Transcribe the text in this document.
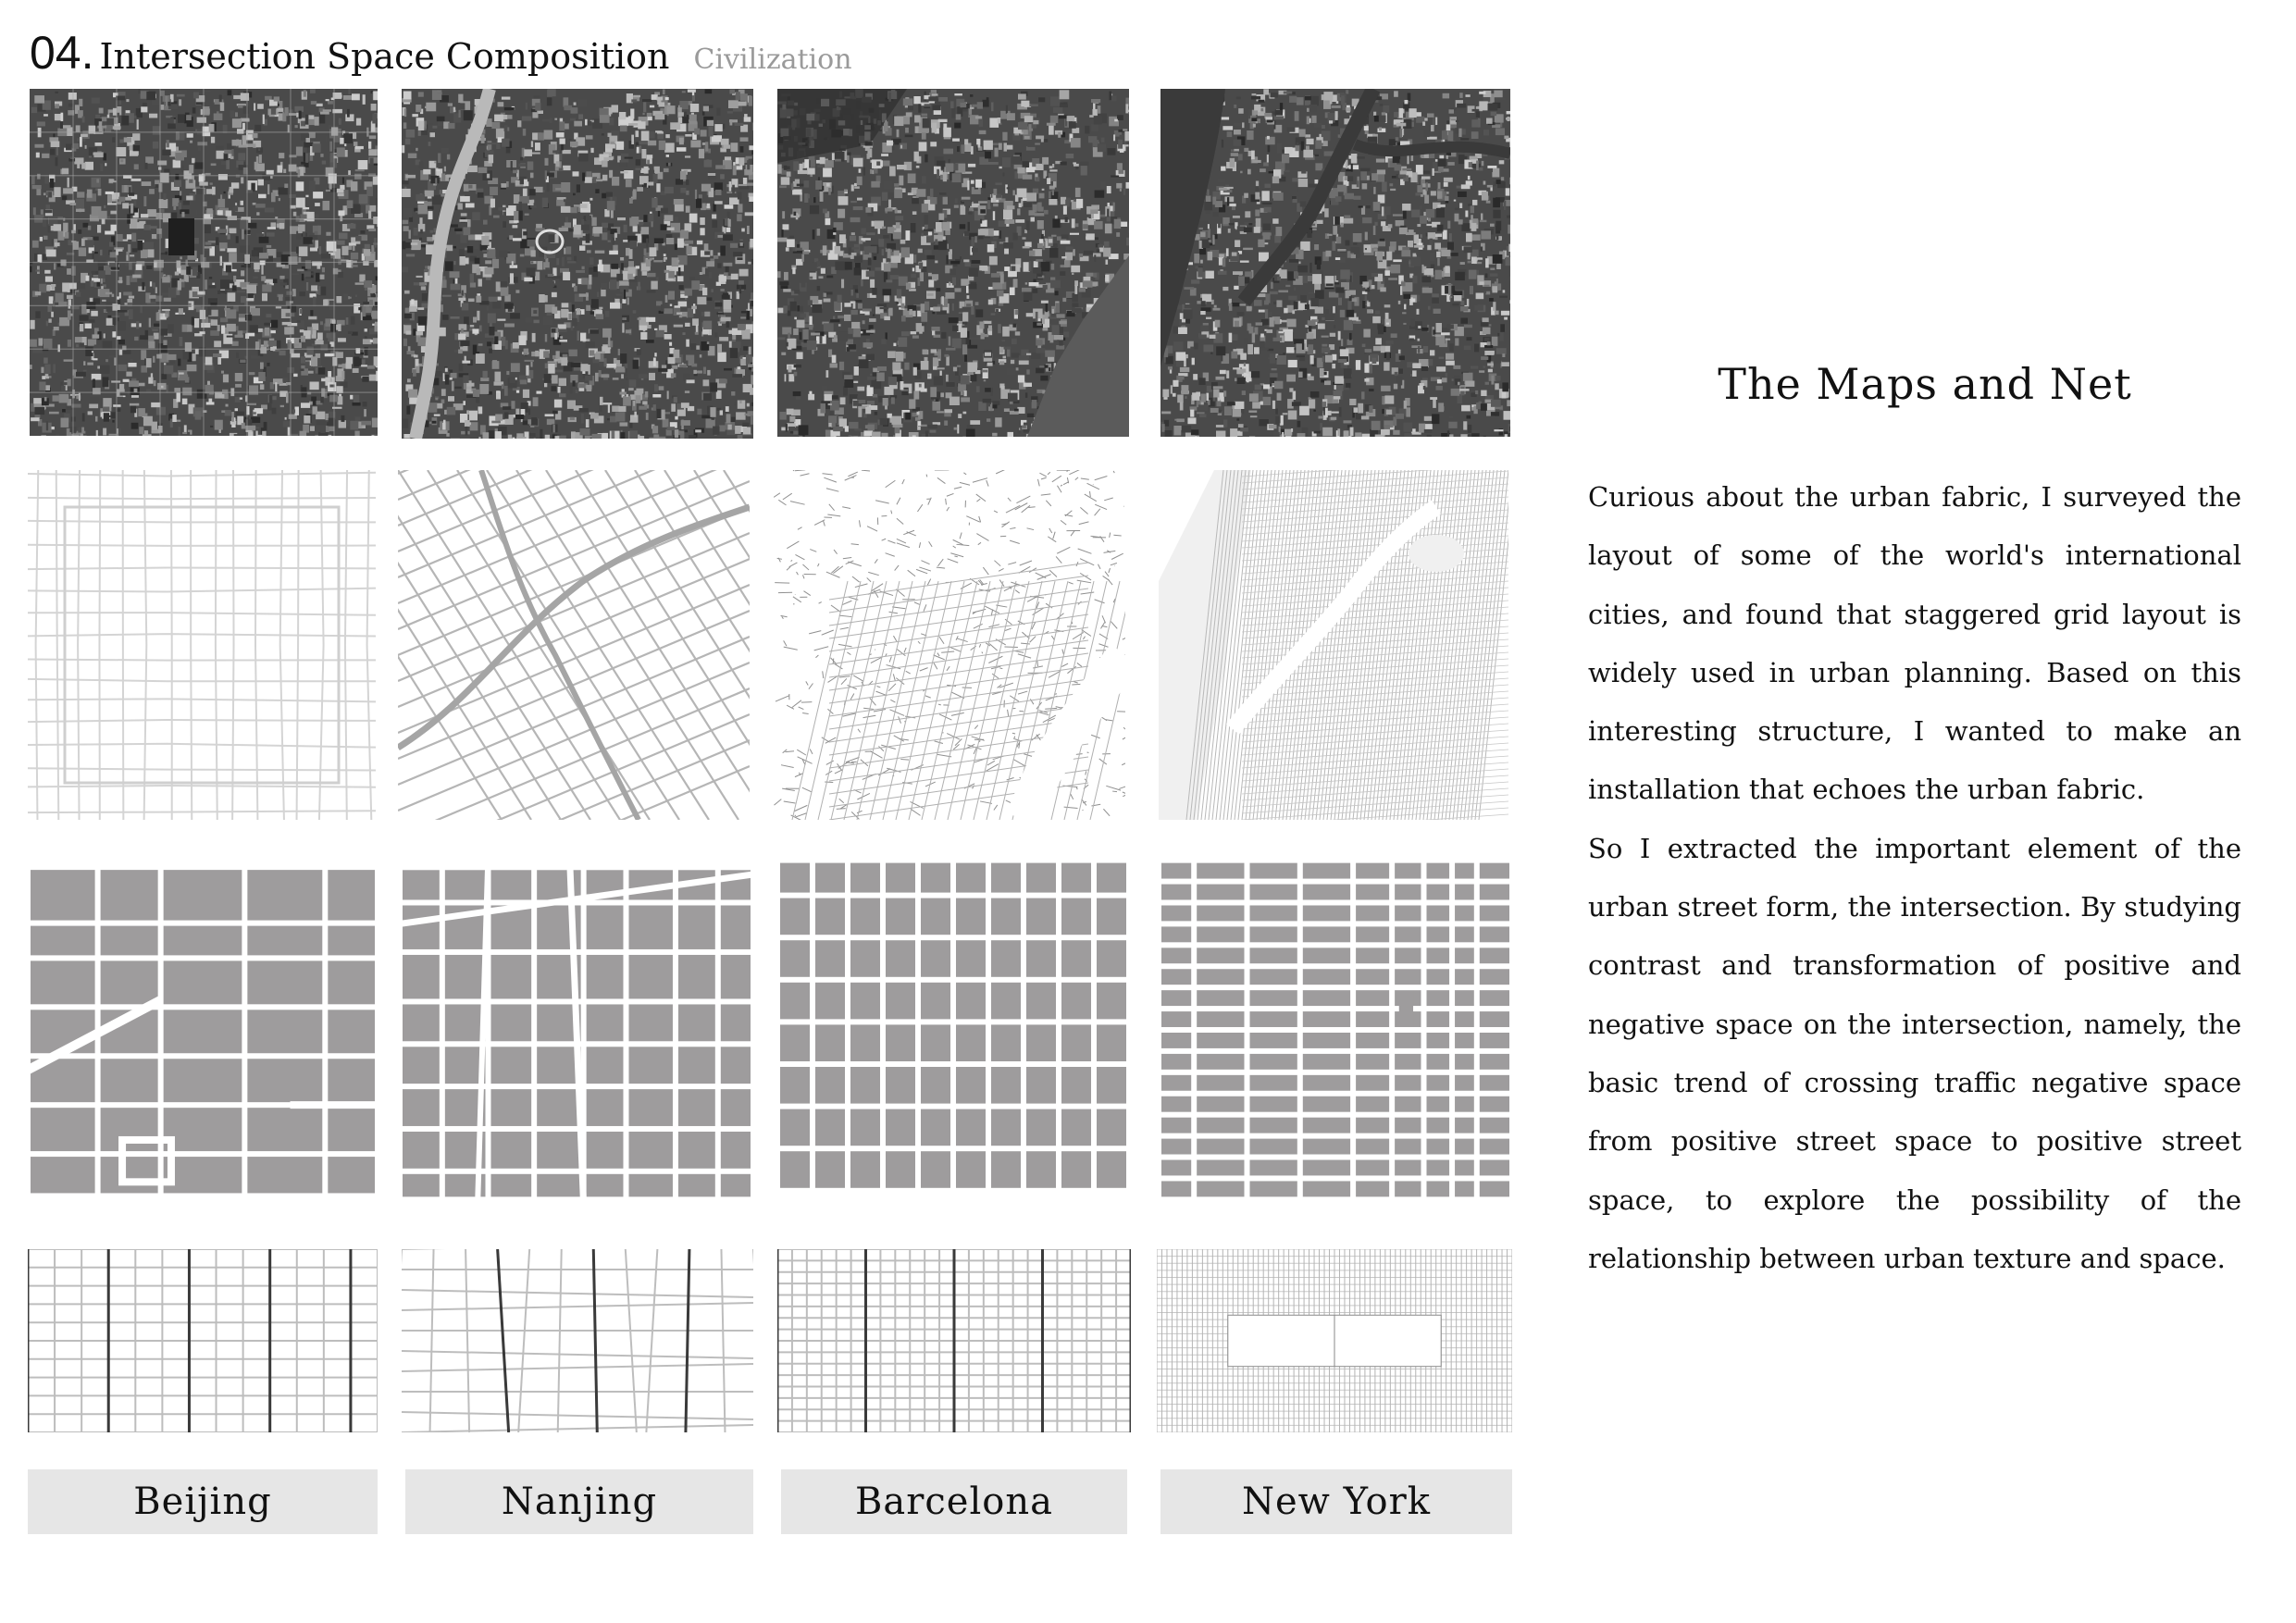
04. Intersection Space Composition Civilization
Beijing	Nanjing	Barcelona	New York
The Maps and Net

Curious about the urban fabric, I surveyed the layout of some of the world's international cities, and found that staggered grid layout is widely used in urban planning. Based on this interesting structure, I wanted to make an installation that echoes the urban fabric.

So I extracted the important element of the urban street form, the intersection. By studying contrast and transformation of positive and negative space on the intersection, namely, the basic trend of crossing traffic negative space from positive street space to positive street space, to explore the possibility of the relationship between urban texture and space.
